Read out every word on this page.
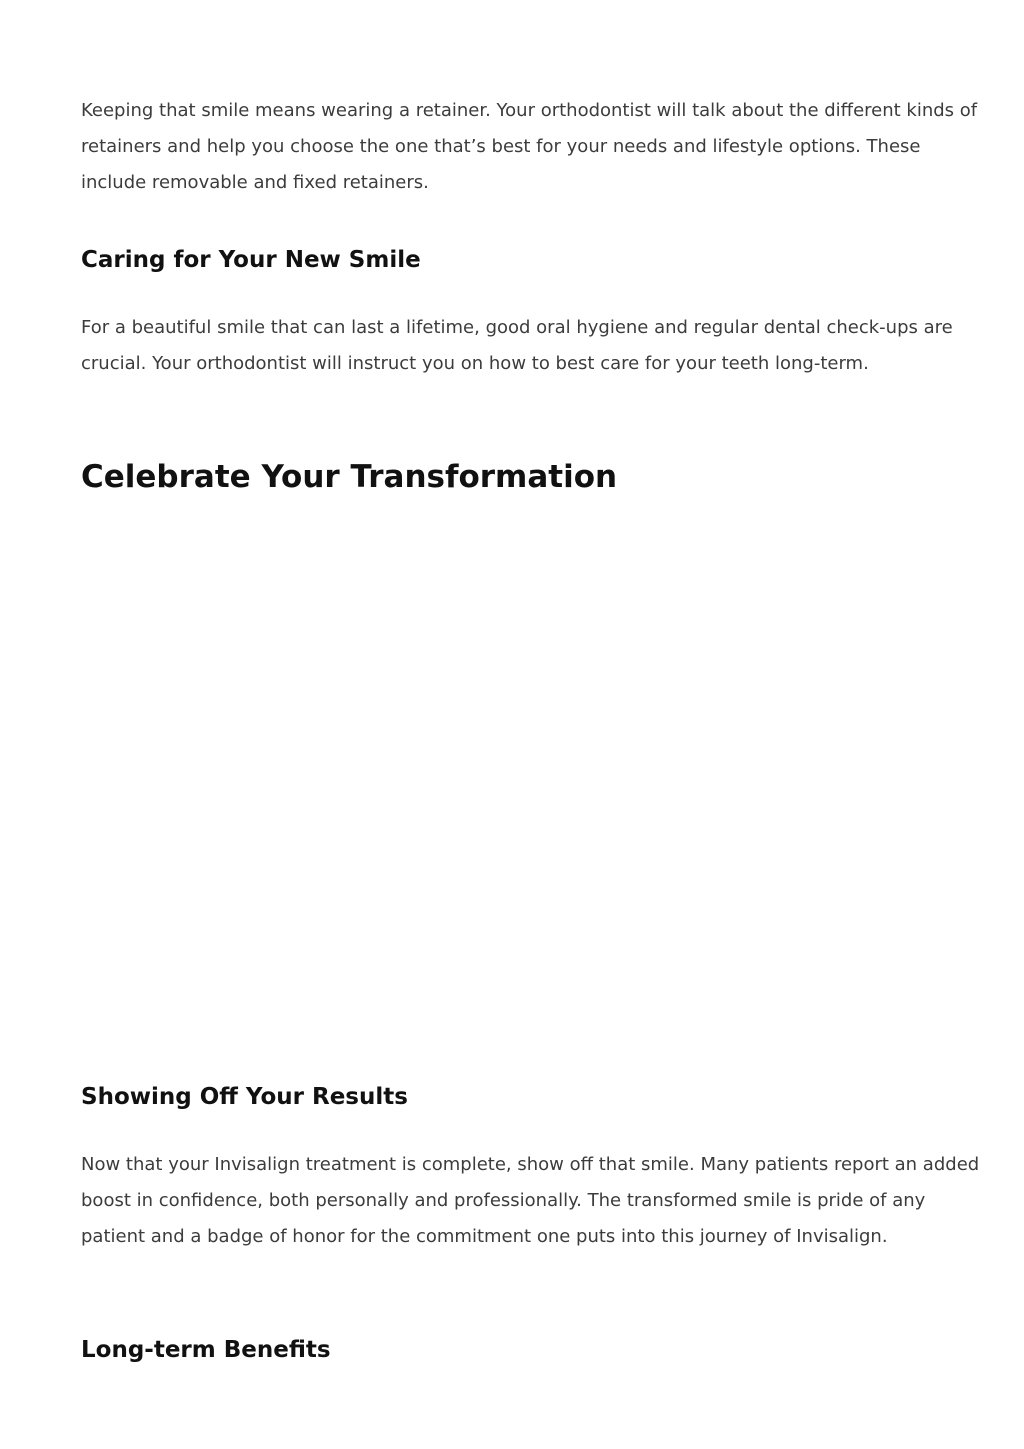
Keeping that smile means wearing a retainer. Your orthodontist will talk about the different kinds of retainers and help you choose the one that’s best for your needs and lifestyle options. These include removable and fixed retainers.

Caring for Your New Smile

For a beautiful smile that can last a lifetime, good oral hygiene and regular dental check-ups are crucial. Your orthodontist will instruct you on how to best care for your teeth long-term.

Celebrate Your Transformation
Showing Off Your Results

Now that your Invisalign treatment is complete, show off that smile. Many patients report an added boost in confidence, both personally and professionally. The transformed smile is pride of any patient and a badge of honor for the commitment one puts into this journey of Invisalign.

Long-term Benefits
